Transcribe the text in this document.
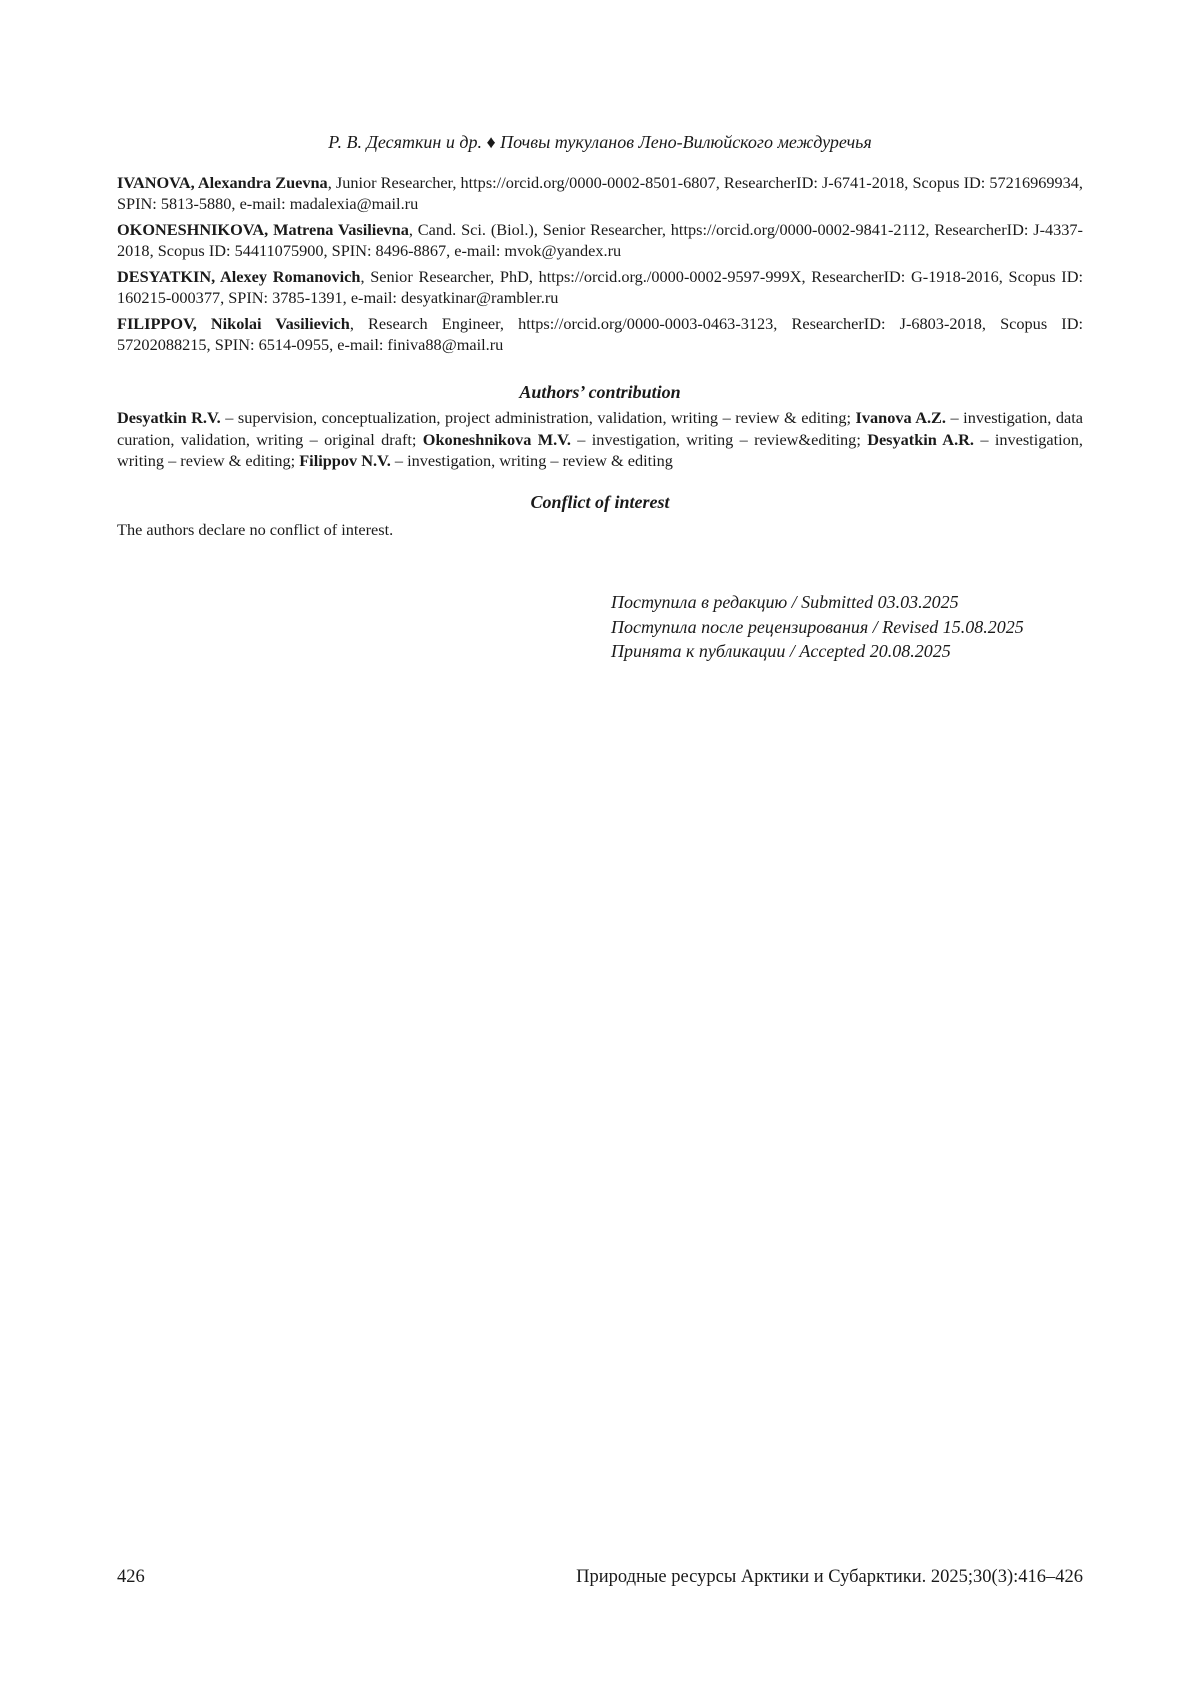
Р. В. Десяткин и др. ♦ Почвы тукуланов Лено-Вилюйского междуречья

IVANOVA, Alexandra Zuevna, Junior Researcher, https://orcid.org/0000-0002-8501-6807, ResearcherID: J-6741-2018, Scopus ID: 57216969934, SPIN: 5813-5880, e-mail: madalexia@mail.ru

OKONESHNIKOVA, Matrena Vasilievna, Cand. Sci. (Biol.), Senior Researcher, https://orcid.org/0000-0002-9841-2112, ResearcherID: J-4337-2018, Scopus ID: 54411075900, SPIN: 8496-8867, e-mail: mvok@yandex.ru

DESYATKIN, Alexey Romanovich, Senior Researcher, PhD, https://orcid.org./0000-0002-9597-999X, ResearcherID: G-1918-2016, Scopus ID: 160215-000377, SPIN: 3785-1391, e-mail: desyatkinar@rambler.ru

FILIPPOV, Nikolai Vasilievich, Research Engineer, https://orcid.org/0000-0003-0463-3123, ResearcherID: J-6803-2018, Scopus ID: 57202088215, SPIN: 6514-0955, e-mail: finiva88@mail.ru

Authors’ contribution

Desyatkin R.V. – supervision, conceptualization, project administration, validation, writing – review & editing; Ivanova A.Z. – investigation, data curation, validation, writing – original draft; Okoneshnikova M.V. – investigation, writing – review&editing; Desyatkin A.R. – investigation, writing – review & editing; Filippov N.V. – investigation, writing – review & editing

Conflict of interest

The authors declare no conflict of interest.

Поступила в редакцию / Submitted 03.03.2025
Поступила после рецензирования / Revised 15.08.2025
Принята к публикации / Accepted 20.08.2025
426	Природные ресурсы Арктики и Субарктики. 2025;30(3):416–426
